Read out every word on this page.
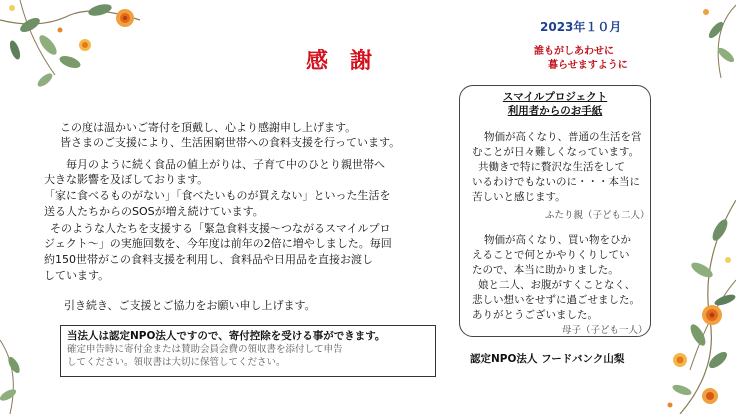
2023年１０月
誰もがしあわせに
暮らせますように
感謝
この度は温かいご寄付を頂戴し、心より感謝申し上げます。
皆さまのご支援により、生活困窮世帯への食料支援を行っています。
毎月のように続く食品の値上がりは、子育て中のひとり親世帯へ
大きな影響を及ぼしております。
「家に食べるものがない」「食べたいものが買えない」といった生活を
送る人たちからのSOSが増え続けています。
そのような人たちを支援する「緊急食料支援～つながるスマイルプロ
ジェクト～」の実施回数を、今年度は前年の2倍に増やしました。毎回
約150世帯がこの食料支援を利用し、食料品や日用品を直接お渡し
しています。
引き続き、ご支援とご協力をお願い申し上げます。
当法人は認定NPO法人ですので、寄付控除を受ける事ができます。
確定申告時に寄付金または賛助会員会費の領収書を添付して申告
してください。領収書は大切に保管してください。
スマイルプロジェクト
利用者からのお手紙
物価が高くなり、普通の生活を営
むことが日々難しくなっています。
共働きで特に贅沢な生活をして
いるわけでもないのに・・・本当に
苦しいと感じます。
ふたり親（子ども二人）
物価が高くなり、買い物をひか
えることで何とかやりくりしてい
たので、本当に助かりました。
娘と二人、お腹がすくことなく、
悲しい想いをせずに過ごせました。
ありがとうございました。
母子（子ども一人）
認定NPO法人 フードバンク山梨
